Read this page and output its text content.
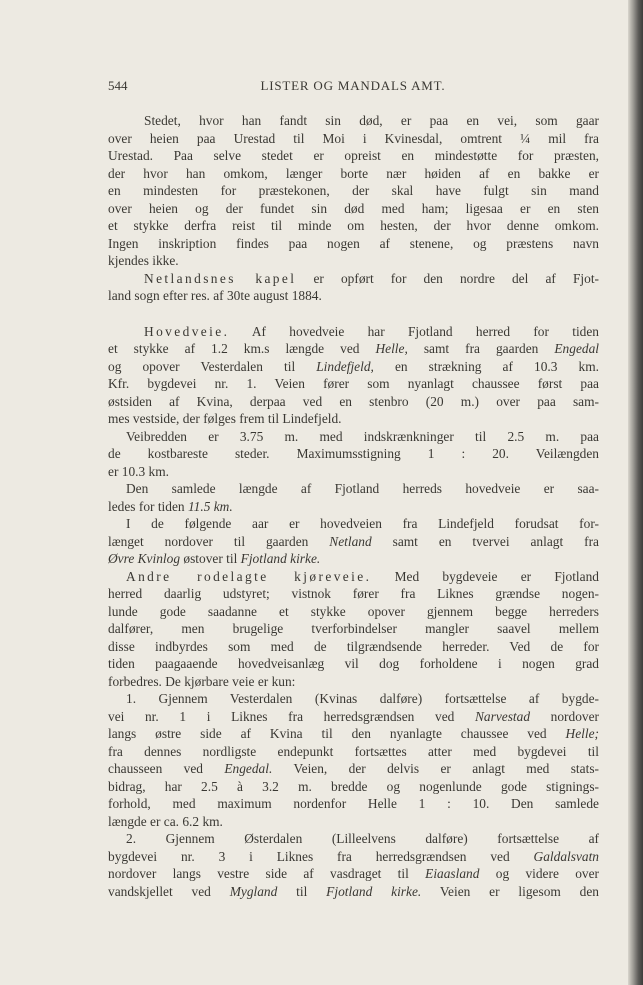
544	LISTER OG MANDALS AMT.
Stedet, hvor han fandt sin død, er paa en vei, som gaar
over heien paa Urestad til Moi i Kvinesdal, omtrent ¼ mil fra
Urestad. Paa selve stedet er opreist en mindestøtte for præsten,
der hvor han omkom, længer borte nær høiden af en bakke er
en mindesten for præstekonen, der skal have fulgt sin mand
over heien og der fundet sin død med ham; ligesaa er en sten
et stykke derfra reist til minde om hesten, der hvor denne omkom.
Ingen inskription findes paa nogen af stenene, og præstens navn
kjendes ikke.
Netlandsnes kapel er opført for den nordre del af Fjot-
land sogn efter res. af 30te august 1884.
Hovedveie. Af hovedveie har Fjotland herred for tiden
et stykke af 1.2 km.s længde ved Helle, samt fra gaarden Engedal
og opover Vesterdalen til Lindefjeld, en strækning af 10.3 km.
Kfr. bygdevei nr. 1. Veien fører som nyanlagt chaussee først paa
østsiden af Kvina, derpaa ved en stenbro (20 m.) over paa sam-
mes vestside, der følges frem til Lindefjeld.
Veibredden er 3.75 m. med indskrænkninger til 2.5 m. paa
de kostbareste steder. Maximumsstigning 1 : 20. Veilængden
er 10.3 km.
Den samlede længde af Fjotland herreds hovedveie er saa-
ledes for tiden 11.5 km.
I de følgende aar er hovedveien fra Lindefjeld forudsat for-
længet nordover til gaarden Netland samt en tvervei anlagt fra
Øvre Kvinlog østover til Fjotland kirke.
Andre rodelagte kjøreveie. Med bygdeveie er Fjotland
herred daarlig udstyret; vistnok fører fra Liknes grændse nogen-
lunde gode saadanne et stykke opover gjennem begge herreders
dalfører, men brugelige tverforbindelser mangler saavel mellem
disse indbyrdes som med de tilgrændsende herreder. Ved de for
tiden paagaaende hovedveisanlæg vil dog forholdene i nogen grad
forbedres. De kjørbare veie er kun:
1. Gjennem Vesterdalen (Kvinas dalføre) fortsættelse af bygde-
vei nr. 1 i Liknes fra herredsgrændsen ved Narvestad nordover
langs østre side af Kvina til den nyanlagte chaussee ved Helle;
fra dennes nordligste endepunkt fortsættes atter med bygdevei til
chausseen ved Engedal. Veien, der delvis er anlagt med stats-
bidrag, har 2.5 à 3.2 m. bredde og nogenlunde gode stignings-
forhold, med maximum nordenfor Helle 1 : 10. Den samlede
længde er ca. 6.2 km.
2. Gjennem Østerdalen (Lilleelvens dalføre) fortsættelse af
bygdevei nr. 3 i Liknes fra herredsgrændsen ved Galdalsvatn
nordover langs vestre side af vasdraget til Eiaasland og videre over
vandskjellet ved Mygland til Fjotland kirke. Veien er ligesom den
